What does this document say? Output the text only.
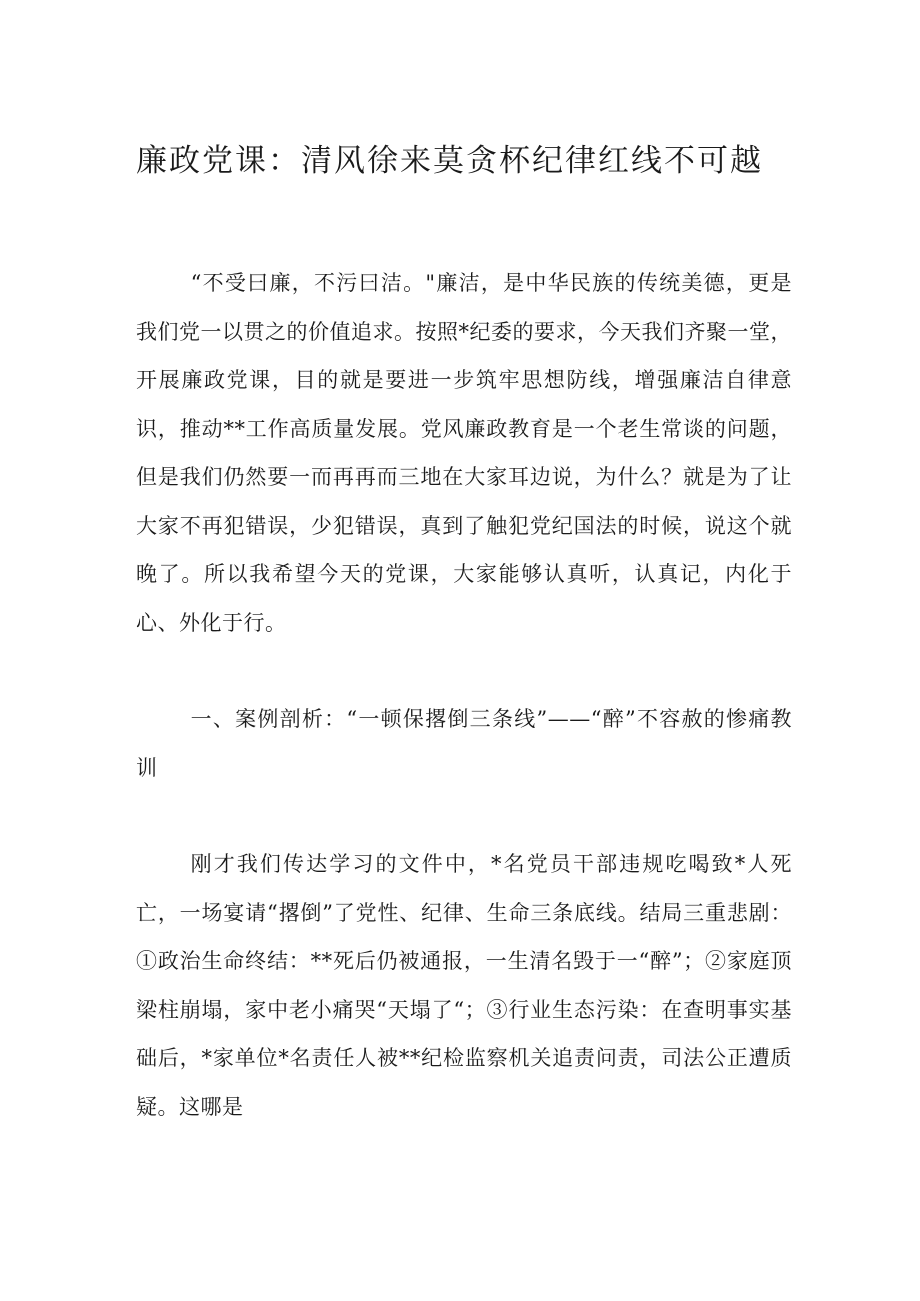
廉政党课：清风徐来莫贪杯纪律红线不可越

“不受曰廉，不污曰洁。"廉洁，是中华民族的传统美德，更是我们党一以贯之的价值追求。按照*纪委的要求，今天我们齐聚一堂，开展廉政党课，目的就是要进一步筑牢思想防线，增强廉洁自律意识，推动**工作高质量发展。党风廉政教育是一个老生常谈的问题，但是我们仍然要一而再再而三地在大家耳边说，为什么？就是为了让大家不再犯错误，少犯错误，真到了触犯党纪国法的时候，说这个就晚了。所以我希望今天的党课，大家能够认真听，认真记，内化于心、外化于行。

一、案例剖析：“一顿保撂倒三条线”——“醉”不容赦的惨痛教训

刚才我们传达学习的文件中，*名党员干部违规吃喝致*人死亡，一场宴请“撂倒”了党性、纪律、生命三条底线。结局三重悲剧：①政治生命终结：**死后仍被通报，一生清名毁于一“醉”；②家庭顶梁柱崩塌，家中老小痛哭“天塌了“；③行业生态污染：在查明事实基础后，*家单位*名责任人被**纪检监察机关追责问责，司法公正遭质疑。这哪是
